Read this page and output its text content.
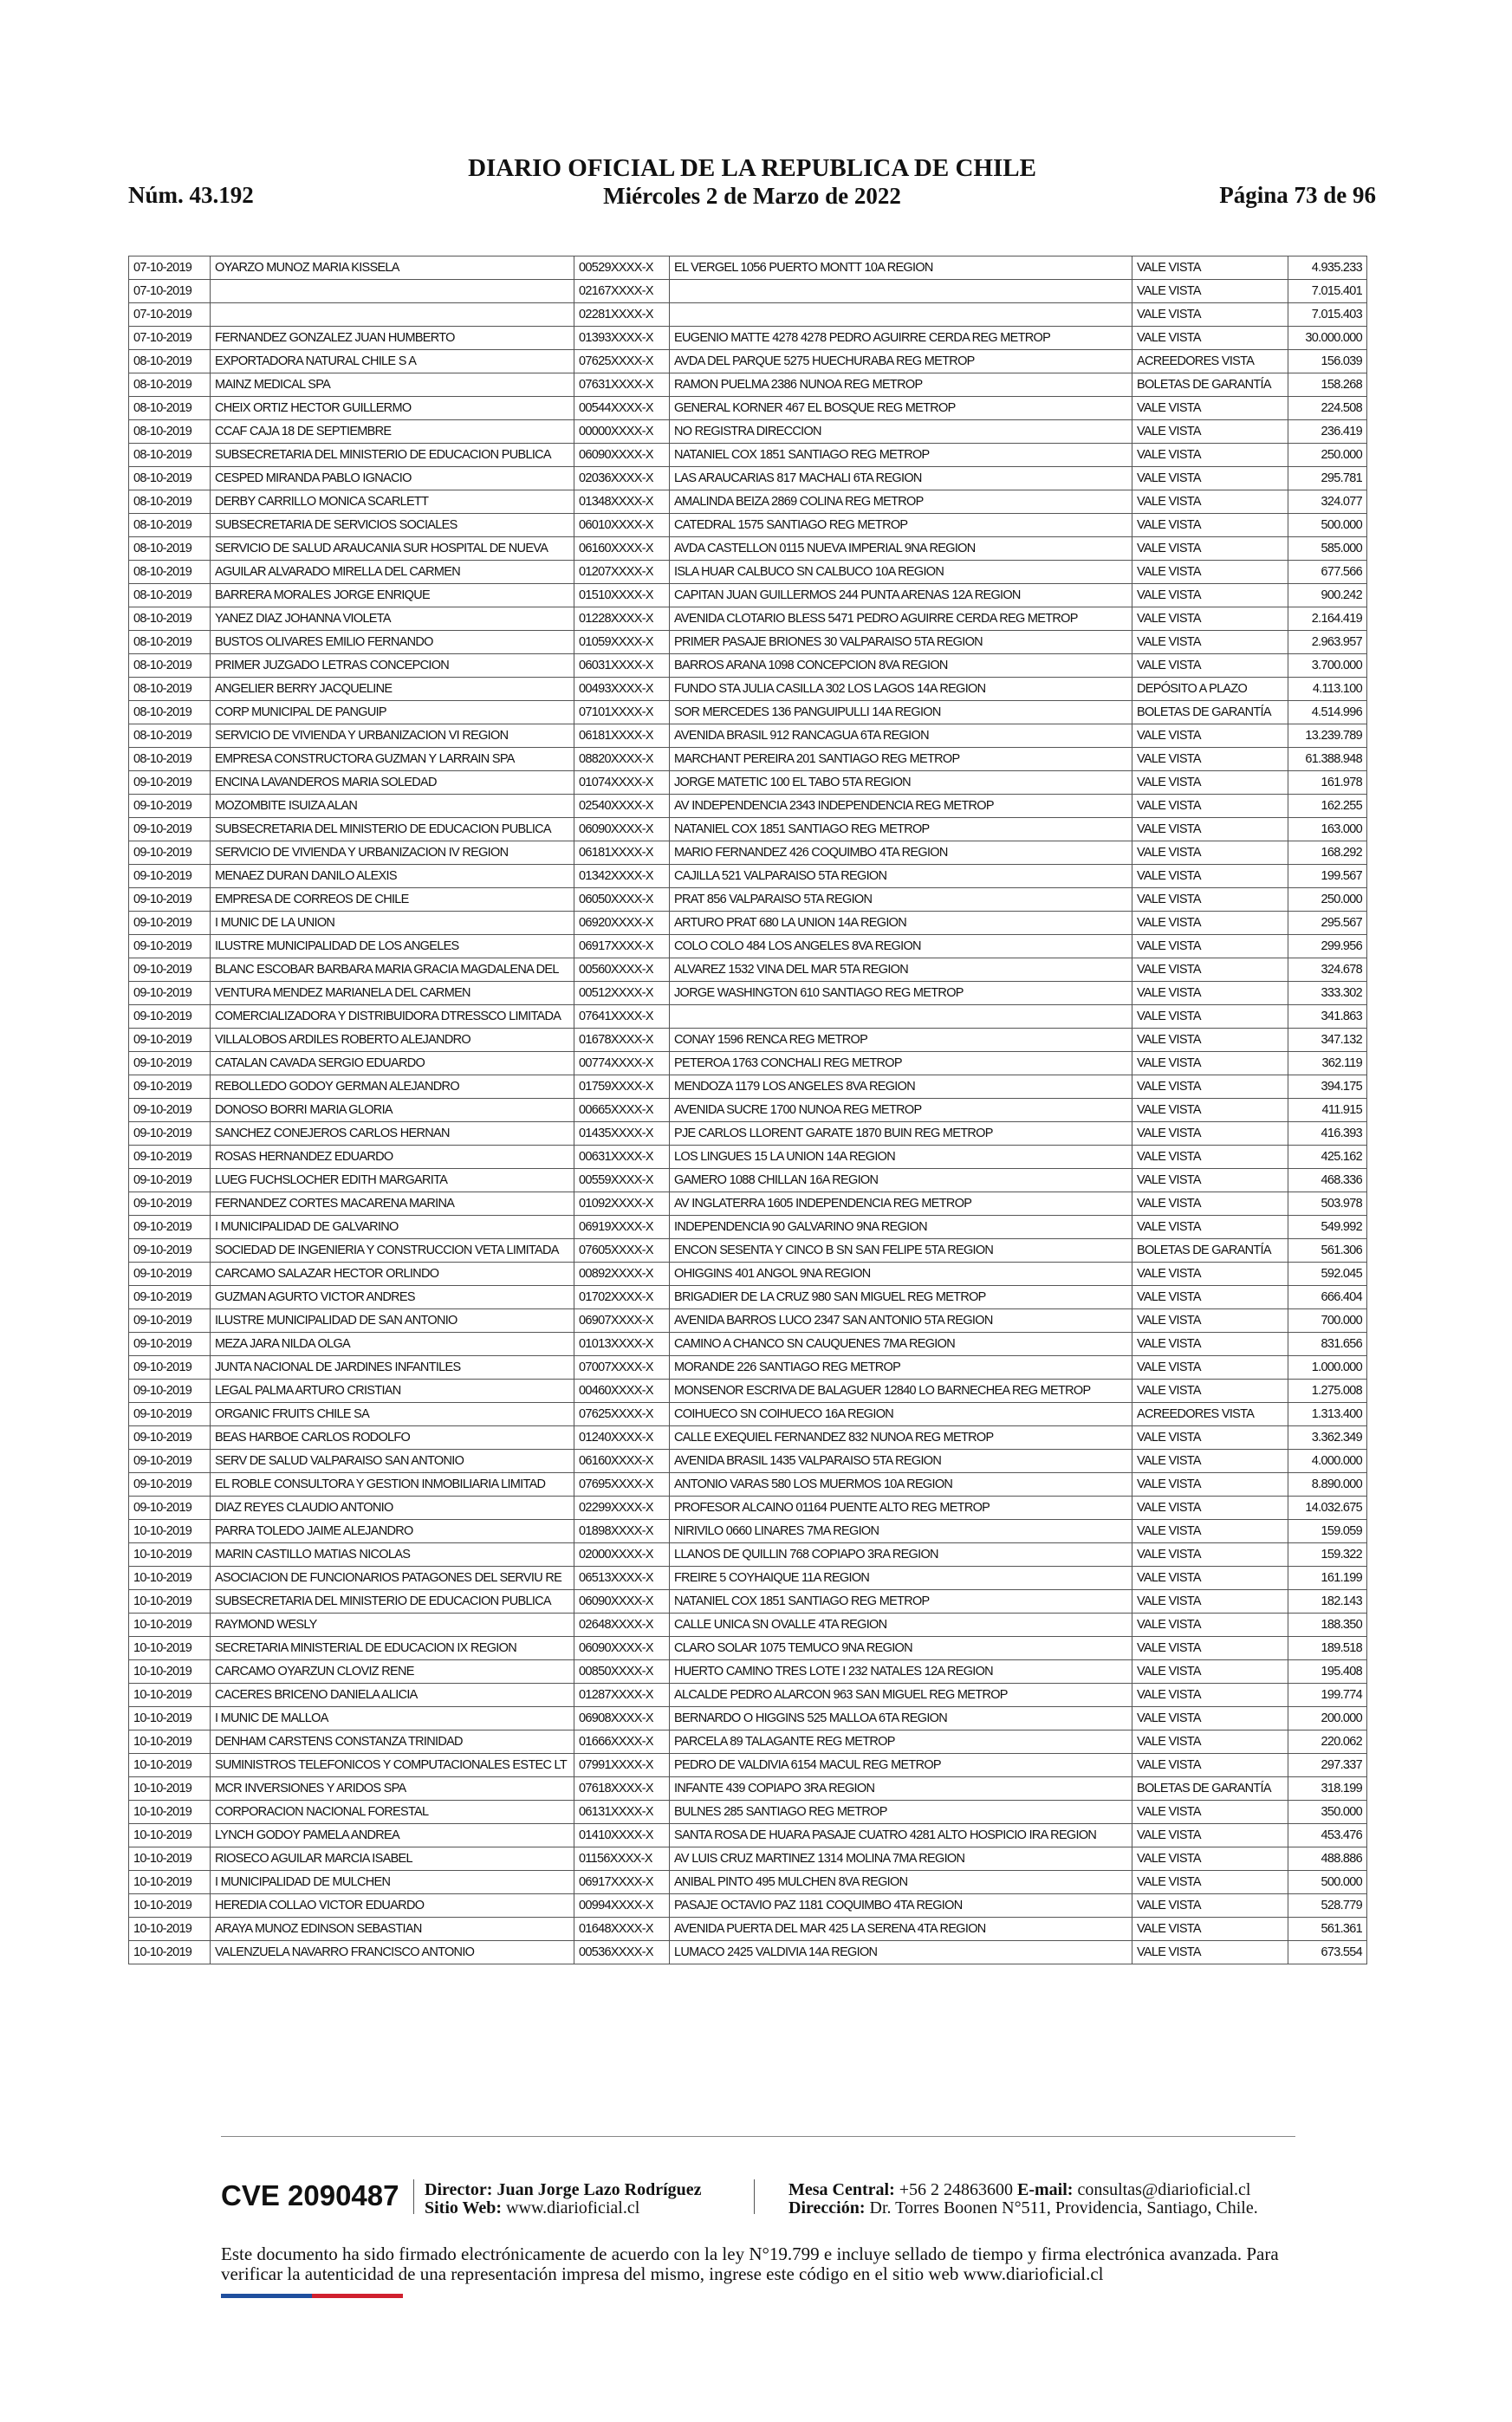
Núm. 43.192
DIARIO OFICIAL DE LA REPUBLICA DE CHILE
Miércoles 2 de Marzo de 2022	Página 73 de 96
07-10-2019	OYARZO MUNOZ MARIA KISSELA	00529XXXX-X	EL VERGEL 1056 PUERTO MONTT 10A REGION	VALE VISTA	4.935.233
07-10-2019		02167XXXX-X		VALE VISTA	7.015.401
07-10-2019		02281XXXX-X		VALE VISTA	7.015.403
07-10-2019	FERNANDEZ GONZALEZ JUAN HUMBERTO	01393XXXX-X	EUGENIO MATTE 4278 4278 PEDRO AGUIRRE CERDA REG METROP	VALE VISTA	30.000.000
08-10-2019	EXPORTADORA NATURAL CHILE S A	07625XXXX-X	AVDA DEL PARQUE 5275 HUECHURABA REG METROP	ACREEDORES VISTA	156.039
08-10-2019	MAINZ MEDICAL SPA	07631XXXX-X	RAMON PUELMA 2386 NUNOA REG METROP	BOLETAS DE GARANTÍA	158.268
08-10-2019	CHEIX ORTIZ HECTOR GUILLERMO	00544XXXX-X	GENERAL KORNER 467 EL BOSQUE REG METROP	VALE VISTA	224.508
08-10-2019	CCAF CAJA 18 DE SEPTIEMBRE	00000XXXX-X	NO REGISTRA DIRECCION	VALE VISTA	236.419
08-10-2019	SUBSECRETARIA DEL MINISTERIO DE EDUCACION PUBLICA	06090XXXX-X	NATANIEL COX 1851 SANTIAGO REG METROP	VALE VISTA	250.000
08-10-2019	CESPED MIRANDA PABLO IGNACIO	02036XXXX-X	LAS ARAUCARIAS 817 MACHALI 6TA REGION	VALE VISTA	295.781
08-10-2019	DERBY CARRILLO MONICA SCARLETT	01348XXXX-X	AMALINDA BEIZA 2869 COLINA REG METROP	VALE VISTA	324.077
08-10-2019	SUBSECRETARIA DE SERVICIOS SOCIALES	06010XXXX-X	CATEDRAL 1575 SANTIAGO REG METROP	VALE VISTA	500.000
08-10-2019	SERVICIO DE SALUD ARAUCANIA SUR HOSPITAL DE NUEVA	06160XXXX-X	AVDA CASTELLON 0115 NUEVA IMPERIAL 9NA REGION	VALE VISTA	585.000
08-10-2019	AGUILAR ALVARADO MIRELLA DEL CARMEN	01207XXXX-X	ISLA HUAR CALBUCO SN CALBUCO 10A REGION	VALE VISTA	677.566
08-10-2019	BARRERA MORALES JORGE ENRIQUE	01510XXXX-X	CAPITAN JUAN GUILLERMOS 244 PUNTA ARENAS 12A REGION	VALE VISTA	900.242
08-10-2019	YANEZ DIAZ JOHANNA VIOLETA	01228XXXX-X	AVENIDA CLOTARIO BLESS 5471 PEDRO AGUIRRE CERDA REG METROP	VALE VISTA	2.164.419
08-10-2019	BUSTOS OLIVARES EMILIO FERNANDO	01059XXXX-X	PRIMER PASAJE BRIONES 30 VALPARAISO 5TA REGION	VALE VISTA	2.963.957
08-10-2019	PRIMER JUZGADO LETRAS CONCEPCION	06031XXXX-X	BARROS ARANA 1098 CONCEPCION 8VA REGION	VALE VISTA	3.700.000
08-10-2019	ANGELIER BERRY JACQUELINE	00493XXXX-X	FUNDO STA JULIA CASILLA 302 LOS LAGOS 14A REGION	DEPÓSITO A PLAZO	4.113.100
08-10-2019	CORP MUNICIPAL DE PANGUIP	07101XXXX-X	SOR MERCEDES 136 PANGUIPULLI 14A REGION	BOLETAS DE GARANTÍA	4.514.996
08-10-2019	SERVICIO DE VIVIENDA Y URBANIZACION VI REGION	06181XXXX-X	AVENIDA BRASIL 912 RANCAGUA 6TA REGION	VALE VISTA	13.239.789
08-10-2019	EMPRESA CONSTRUCTORA GUZMAN Y LARRAIN SPA	08820XXXX-X	MARCHANT PEREIRA 201 SANTIAGO REG METROP	VALE VISTA	61.388.948
09-10-2019	ENCINA LAVANDEROS MARIA SOLEDAD	01074XXXX-X	JORGE MATETIC 100 EL TABO 5TA REGION	VALE VISTA	161.978
09-10-2019	MOZOMBITE ISUIZA ALAN	02540XXXX-X	AV INDEPENDENCIA 2343 INDEPENDENCIA REG METROP	VALE VISTA	162.255
09-10-2019	SUBSECRETARIA DEL MINISTERIO DE EDUCACION PUBLICA	06090XXXX-X	NATANIEL COX 1851 SANTIAGO REG METROP	VALE VISTA	163.000
09-10-2019	SERVICIO DE VIVIENDA Y URBANIZACION IV REGION	06181XXXX-X	MARIO FERNANDEZ 426 COQUIMBO 4TA REGION	VALE VISTA	168.292
09-10-2019	MENAEZ DURAN DANILO ALEXIS	01342XXXX-X	CAJILLA 521 VALPARAISO 5TA REGION	VALE VISTA	199.567
09-10-2019	EMPRESA DE CORREOS DE CHILE	06050XXXX-X	PRAT 856 VALPARAISO 5TA REGION	VALE VISTA	250.000
09-10-2019	I MUNIC DE LA UNION	06920XXXX-X	ARTURO PRAT 680 LA UNION 14A REGION	VALE VISTA	295.567
09-10-2019	ILUSTRE MUNICIPALIDAD DE LOS ANGELES	06917XXXX-X	COLO COLO 484 LOS ANGELES 8VA REGION	VALE VISTA	299.956
09-10-2019	BLANC ESCOBAR BARBARA MARIA GRACIA MAGDALENA DEL	00560XXXX-X	ALVAREZ 1532 VINA DEL MAR 5TA REGION	VALE VISTA	324.678
09-10-2019	VENTURA MENDEZ MARIANELA DEL CARMEN	00512XXXX-X	JORGE WASHINGTON 610 SANTIAGO REG METROP	VALE VISTA	333.302
09-10-2019	COMERCIALIZADORA Y DISTRIBUIDORA DTRESSCO LIMITADA	07641XXXX-X		VALE VISTA	341.863
09-10-2019	VILLALOBOS ARDILES ROBERTO ALEJANDRO	01678XXXX-X	CONAY 1596 RENCA REG METROP	VALE VISTA	347.132
09-10-2019	CATALAN CAVADA SERGIO EDUARDO	00774XXXX-X	PETEROA 1763 CONCHALI REG METROP	VALE VISTA	362.119
09-10-2019	REBOLLEDO GODOY GERMAN ALEJANDRO	01759XXXX-X	MENDOZA 1179 LOS ANGELES 8VA REGION	VALE VISTA	394.175
09-10-2019	DONOSO BORRI MARIA GLORIA	00665XXXX-X	AVENIDA SUCRE 1700 NUNOA REG METROP	VALE VISTA	411.915
09-10-2019	SANCHEZ CONEJEROS CARLOS HERNAN	01435XXXX-X	PJE CARLOS LLORENT GARATE 1870 BUIN REG METROP	VALE VISTA	416.393
09-10-2019	ROSAS HERNANDEZ EDUARDO	00631XXXX-X	LOS LINGUES 15 LA UNION 14A REGION	VALE VISTA	425.162
09-10-2019	LUEG FUCHSLOCHER EDITH MARGARITA	00559XXXX-X	GAMERO 1088 CHILLAN 16A REGION	VALE VISTA	468.336
09-10-2019	FERNANDEZ CORTES MACARENA MARINA	01092XXXX-X	AV INGLATERRA 1605 INDEPENDENCIA REG METROP	VALE VISTA	503.978
09-10-2019	I MUNICIPALIDAD DE GALVARINO	06919XXXX-X	INDEPENDENCIA 90 GALVARINO 9NA REGION	VALE VISTA	549.992
09-10-2019	SOCIEDAD DE INGENIERIA Y CONSTRUCCION VETA LIMITADA	07605XXXX-X	ENCON SESENTA Y CINCO B SN SAN FELIPE 5TA REGION	BOLETAS DE GARANTÍA	561.306
09-10-2019	CARCAMO SALAZAR HECTOR ORLINDO	00892XXXX-X	OHIGGINS 401 ANGOL 9NA REGION	VALE VISTA	592.045
09-10-2019	GUZMAN AGURTO VICTOR ANDRES	01702XXXX-X	BRIGADIER DE LA CRUZ 980 SAN MIGUEL REG METROP	VALE VISTA	666.404
09-10-2019	ILUSTRE MUNICIPALIDAD DE SAN ANTONIO	06907XXXX-X	AVENIDA BARROS LUCO 2347 SAN ANTONIO 5TA REGION	VALE VISTA	700.000
09-10-2019	MEZA JARA NILDA OLGA	01013XXXX-X	CAMINO A CHANCO SN CAUQUENES 7MA REGION	VALE VISTA	831.656
09-10-2019	JUNTA NACIONAL DE JARDINES INFANTILES	07007XXXX-X	MORANDE 226 SANTIAGO REG METROP	VALE VISTA	1.000.000
09-10-2019	LEGAL PALMA ARTURO CRISTIAN	00460XXXX-X	MONSENOR ESCRIVA DE BALAGUER 12840 LO BARNECHEA REG METROP	VALE VISTA	1.275.008
09-10-2019	ORGANIC FRUITS CHILE SA	07625XXXX-X	COIHUECO SN COIHUECO 16A REGION	ACREEDORES VISTA	1.313.400
09-10-2019	BEAS HARBOE CARLOS RODOLFO	01240XXXX-X	CALLE EXEQUIEL FERNANDEZ 832 NUNOA REG METROP	VALE VISTA	3.362.349
09-10-2019	SERV DE SALUD VALPARAISO SAN ANTONIO	06160XXXX-X	AVENIDA BRASIL 1435 VALPARAISO 5TA REGION	VALE VISTA	4.000.000
09-10-2019	EL ROBLE CONSULTORA Y GESTION INMOBILIARIA LIMITAD	07695XXXX-X	ANTONIO VARAS 580 LOS MUERMOS 10A REGION	VALE VISTA	8.890.000
09-10-2019	DIAZ REYES CLAUDIO ANTONIO	02299XXXX-X	PROFESOR ALCAINO 01164 PUENTE ALTO REG METROP	VALE VISTA	14.032.675
10-10-2019	PARRA TOLEDO JAIME ALEJANDRO	01898XXXX-X	NIRIVILO 0660 LINARES 7MA REGION	VALE VISTA	159.059
10-10-2019	MARIN CASTILLO MATIAS NICOLAS	02000XXXX-X	LLANOS DE QUILLIN 768 COPIAPO 3RA REGION	VALE VISTA	159.322
10-10-2019	ASOCIACION DE FUNCIONARIOS PATAGONES DEL SERVIU RE	06513XXXX-X	FREIRE 5 COYHAIQUE 11A REGION	VALE VISTA	161.199
10-10-2019	SUBSECRETARIA DEL MINISTERIO DE EDUCACION PUBLICA	06090XXXX-X	NATANIEL COX 1851 SANTIAGO REG METROP	VALE VISTA	182.143
10-10-2019	RAYMOND WESLY	02648XXXX-X	CALLE UNICA SN OVALLE 4TA REGION	VALE VISTA	188.350
10-10-2019	SECRETARIA MINISTERIAL DE EDUCACION IX REGION	06090XXXX-X	CLARO SOLAR 1075 TEMUCO 9NA REGION	VALE VISTA	189.518
10-10-2019	CARCAMO OYARZUN CLOVIZ RENE	00850XXXX-X	HUERTO CAMINO TRES LOTE I 232 NATALES 12A REGION	VALE VISTA	195.408
10-10-2019	CACERES BRICENO DANIELA ALICIA	01287XXXX-X	ALCALDE PEDRO ALARCON 963 SAN MIGUEL REG METROP	VALE VISTA	199.774
10-10-2019	I MUNIC DE MALLOA	06908XXXX-X	BERNARDO O HIGGINS 525 MALLOA 6TA REGION	VALE VISTA	200.000
10-10-2019	DENHAM CARSTENS CONSTANZA TRINIDAD	01666XXXX-X	PARCELA 89 TALAGANTE REG METROP	VALE VISTA	220.062
10-10-2019	SUMINISTROS TELEFONICOS Y COMPUTACIONALES ESTEC LT	07991XXXX-X	PEDRO DE VALDIVIA 6154 MACUL REG METROP	VALE VISTA	297.337
10-10-2019	MCR INVERSIONES Y ARIDOS SPA	07618XXXX-X	INFANTE 439 COPIAPO 3RA REGION	BOLETAS DE GARANTÍA	318.199
10-10-2019	CORPORACION NACIONAL FORESTAL	06131XXXX-X	BULNES 285 SANTIAGO REG METROP	VALE VISTA	350.000
10-10-2019	LYNCH GODOY PAMELA ANDREA	01410XXXX-X	SANTA ROSA DE HUARA PASAJE CUATRO 4281 ALTO HOSPICIO IRA REGION	VALE VISTA	453.476
10-10-2019	RIOSECO AGUILAR MARCIA ISABEL	01156XXXX-X	AV LUIS CRUZ MARTINEZ 1314 MOLINA 7MA REGION	VALE VISTA	488.886
10-10-2019	I MUNICIPALIDAD DE MULCHEN	06917XXXX-X	ANIBAL PINTO 495 MULCHEN 8VA REGION	VALE VISTA	500.000
10-10-2019	HEREDIA COLLAO VICTOR EDUARDO	00994XXXX-X	PASAJE OCTAVIO PAZ 1181 COQUIMBO 4TA REGION	VALE VISTA	528.779
10-10-2019	ARAYA MUNOZ EDINSON SEBASTIAN	01648XXXX-X	AVENIDA PUERTA DEL MAR 425 LA SERENA 4TA REGION	VALE VISTA	561.361
10-10-2019	VALENZUELA NAVARRO FRANCISCO ANTONIO	00536XXXX-X	LUMACO 2425 VALDIVIA 14A REGION	VALE VISTA	673.554
CVE 2090487 Director: Juan Jorge Lazo Rodríguez
Sitio Web: www.diarioficial.cl
Mesa Central: +56 2 24863600 E-mail: consultas@diarioficial.cl
Dirección: Dr. Torres Boonen N°511, Providencia, Santiago, Chile.
Este documento ha sido firmado electrónicamente de acuerdo con la ley N°19.799 e incluye sellado de tiempo y firma electrónica avanzada. Para verificar la autenticidad de una representación impresa del mismo, ingrese este código en el sitio web www.diarioficial.cl
